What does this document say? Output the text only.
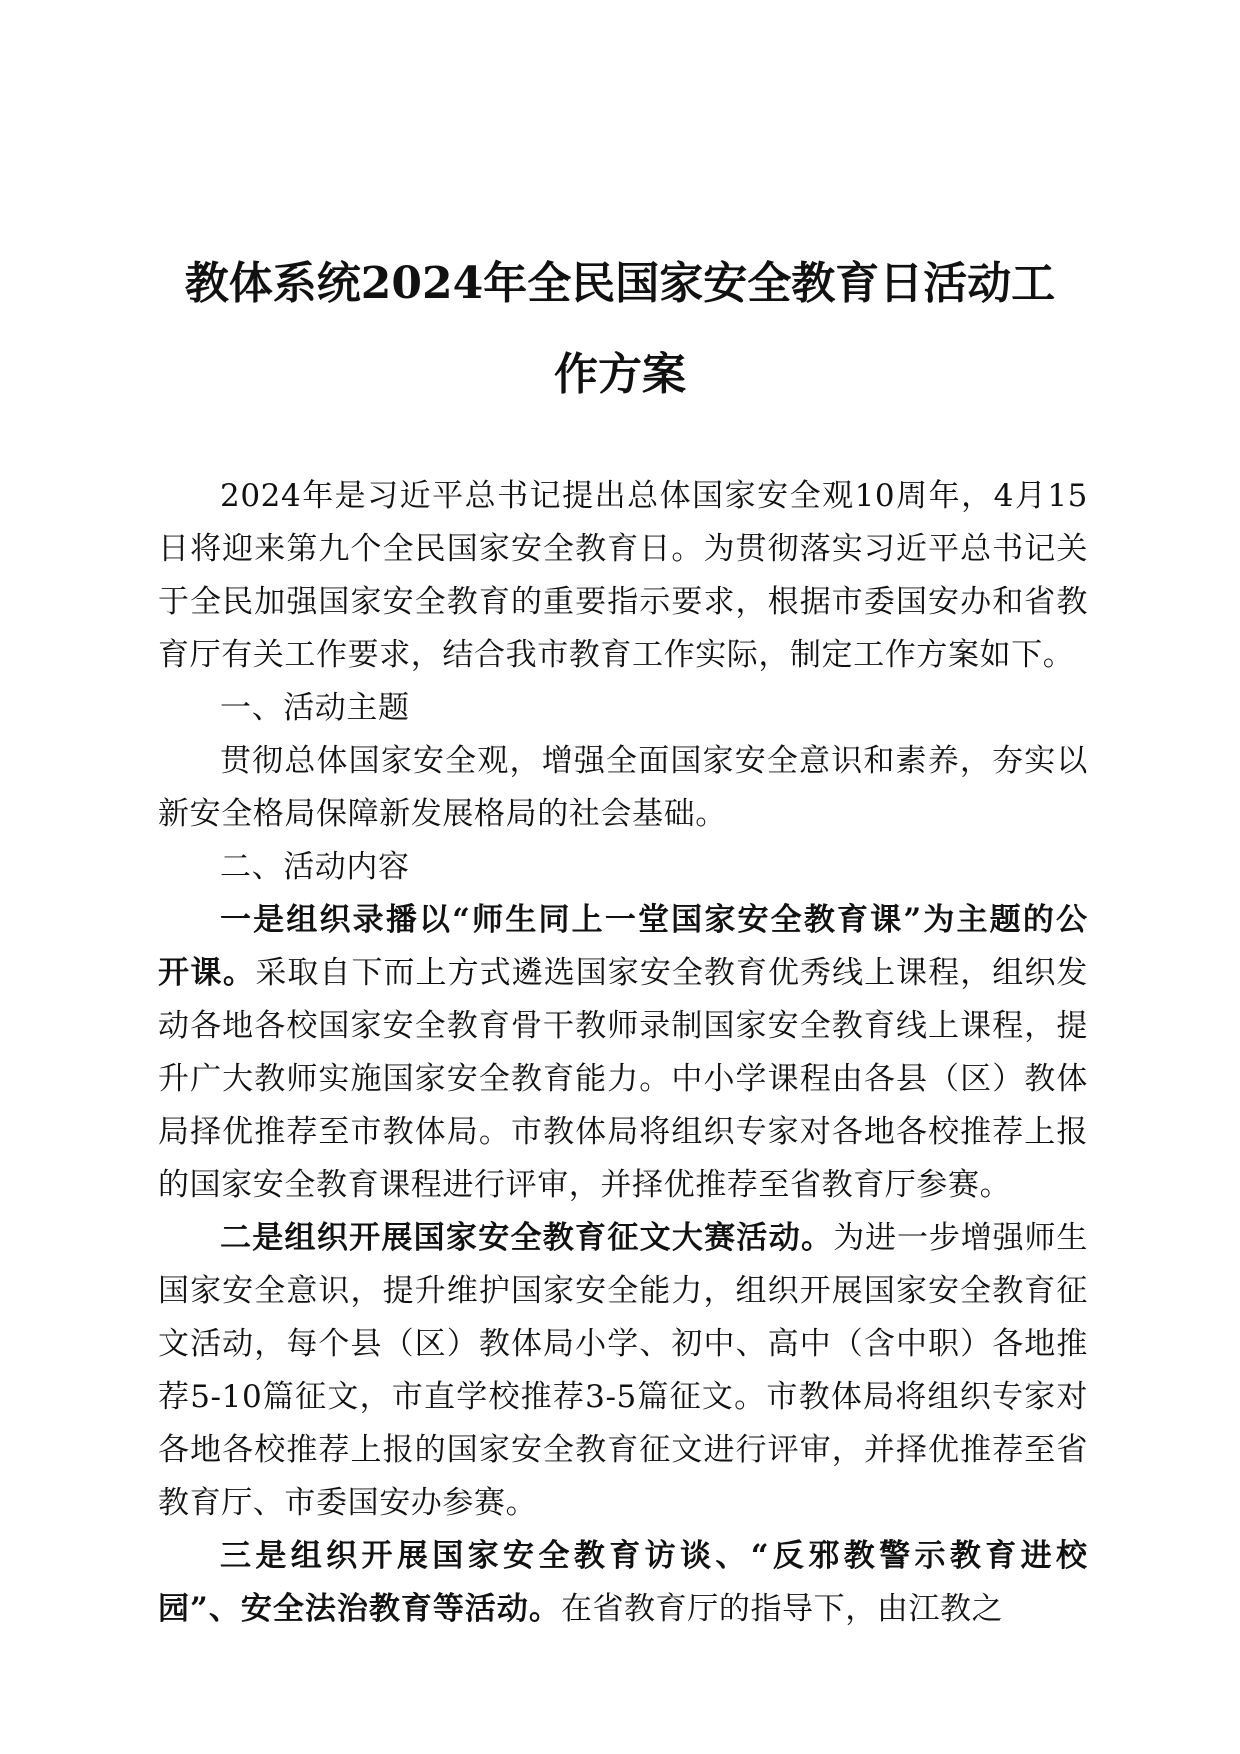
教体系统2024年全民国家安全教育日活动工
作方案

2024年是习近平总书记提出总体国家安全观10周年，4月15日将迎来第九个全民国家安全教育日。为贯彻落实习近平总书记关于全民加强国家安全教育的重要指示要求，根据市委国安办和省教育厅有关工作要求，结合我市教育工作实际，制定工作方案如下。

一、活动主题

贯彻总体国家安全观，增强全面国家安全意识和素养，夯实以新安全格局保障新发展格局的社会基础。

二、活动内容

一是组织录播以“师生同上一堂国家安全教育课”为主题的公开课。采取自下而上方式遴选国家安全教育优秀线上课程，组织发动各地各校国家安全教育骨干教师录制国家安全教育线上课程，提升广大教师实施国家安全教育能力。中小学课程由各县（区）教体局择优推荐至市教体局。市教体局将组织专家对各地各校推荐上报的国家安全教育课程进行评审，并择优推荐至省教育厅参赛。

二是组织开展国家安全教育征文大赛活动。为进一步增强师生国家安全意识，提升维护国家安全能力，组织开展国家安全教育征文活动，每个县（区）教体局小学、初中、高中（含中职）各地推荐5-10篇征文，市直学校推荐3-5篇征文。市教体局将组织专家对各地各校推荐上报的国家安全教育征文进行评审，并择优推荐至省教育厅、市委国安办参赛。

三是组织开展国家安全教育访谈、“反邪教警示教育进校园”、安全法治教育等活动。在省教育厅的指导下，由江教之
